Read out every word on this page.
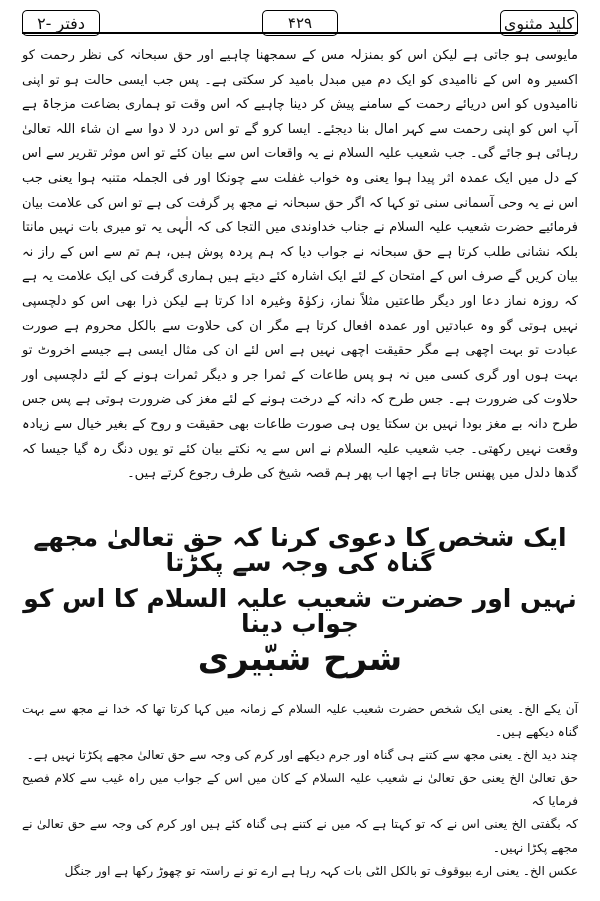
کلید مثنوی
۴۲۹
دفتر -۲

مایوسی ہو جاتی ہے لیکن اس کو بمنزلہ مس کے سمجھنا چاہیے اور حق سبحانہ کی نظر رحمت کو اکسیر وہ اس کے ناامیدی کو ایک دم میں مبدل بامید کر سکتی ہے۔ پس جب ایسی حالت ہو تو اپنی ناامیدوں کو اس دریائے رحمت کے سامنے پیش کر دینا چاہیے کہ اس وقت تو ہماری بضاعت مزجاۃ ہے آپ اس کو اپنی رحمت سے کہر امال بنا دیجئے۔ ایسا کرو گے تو اس درد لا دوا سے ان شاء اللہ تعالیٰ رہائی ہو جائے گی۔ جب شعیب علیہ السلام نے یہ واقعات اس سے بیان کئے تو اس موثر تقریر سے اس کے دل میں ایک عمدہ اثر پیدا ہوا یعنی وہ خواب غفلت سے چونکا اور فی الجملہ متنبہ ہوا یعنی جب اس نے یہ وحی آسمانی سنی تو کہا کہ اگر حق سبحانہ نے مجھ پر گرفت کی ہے تو اس کی علامت بیان فرمائیے حضرت شعیب علیہ السلام نے جناب خداوندی میں التجا کی کہ الٰہی یہ تو میری بات نہیں مانتا بلکہ نشانی طلب کرتا ہے حق سبحانہ نے جواب دیا کہ ہم پردہ پوش ہیں، ہم تم سے اس کے راز نہ بیان کریں گے صرف اس کے امتحان کے لئے ایک اشارہ کئے دیتے ہیں ہماری گرفت کی ایک علامت یہ ہے کہ روزہ نماز دعا اور دیگر طاعتیں مثلاً نماز، زکوٰۃ وغیرہ ادا کرتا ہے لیکن ذرا بھی اس کو دلچسپی نہیں ہوتی گو وہ عبادتیں اور عمدہ افعال کرتا ہے مگر ان کی حلاوت سے بالکل محروم ہے صورت عبادت تو بہت اچھی ہے مگر حقیقت اچھی نہیں ہے اس لئے ان کی مثال ایسی ہے جیسے اخروٹ تو بہت ہوں اور گری کسی میں نہ ہو پس طاعات کے ثمرا جر و دیگر ثمرات ہونے کے لئے دلچسپی اور حلاوت کی ضرورت ہے۔ جس طرح کہ دانہ کے درخت ہونے کے لئے مغز کی ضرورت ہوتی ہے پس جس طرح دانہ بے مغز بودا نہیں بن سکتا یوں ہی صورت طاعات بھی حقیقت و روح کے بغیر خیال سے زیادہ وقعت نہیں رکھتی۔ جب شعیب علیہ السلام نے اس سے یہ نکتے بیان کئے تو یوں دنگ رہ گیا جیسا کہ گدھا دلدل میں پھنس جاتا ہے اچھا اب پھر ہم قصہ شیخ کی طرف رجوع کرتے ہیں۔

ایک شخص کا دعوی کرنا کہ حق تعالیٰ مجھے گناہ کی وجہ سے پکڑتا
نہیں اور حضرت شعیب علیہ السلام کا اس کو جواب دینا
شرح شبّیری

آن یکے الخ۔ یعنی ایک شخص حضرت شعیب علیہ السلام کے زمانہ میں کہا کرتا تھا کہ خدا نے مجھ سے بہت گناہ دیکھے ہیں۔

چند دید الخ۔ یعنی مجھ سے کتنے ہی گناہ اور جرم دیکھے اور کرم کی وجہ سے حق تعالیٰ مجھے پکڑتا نہیں ہے۔

حق تعالیٰ الخ یعنی حق تعالیٰ نے شعیب علیہ السلام کے کان میں اس کے جواب میں راہ غیب سے کلام فصیح فرمایا کہ

کہ بگفتی الخ یعنی اس نے کہ تو کہتا ہے کہ میں نے کتنے ہی گناہ کئے ہیں اور کرم کی وجہ سے حق تعالیٰ نے مجھے پکڑا نہیں۔

عکس الخ۔ یعنی ارے بیوقوف تو بالکل الٹی بات کہہ رہا ہے ارے تو نے راستہ تو چھوڑ رکھا ہے اور جنگل
